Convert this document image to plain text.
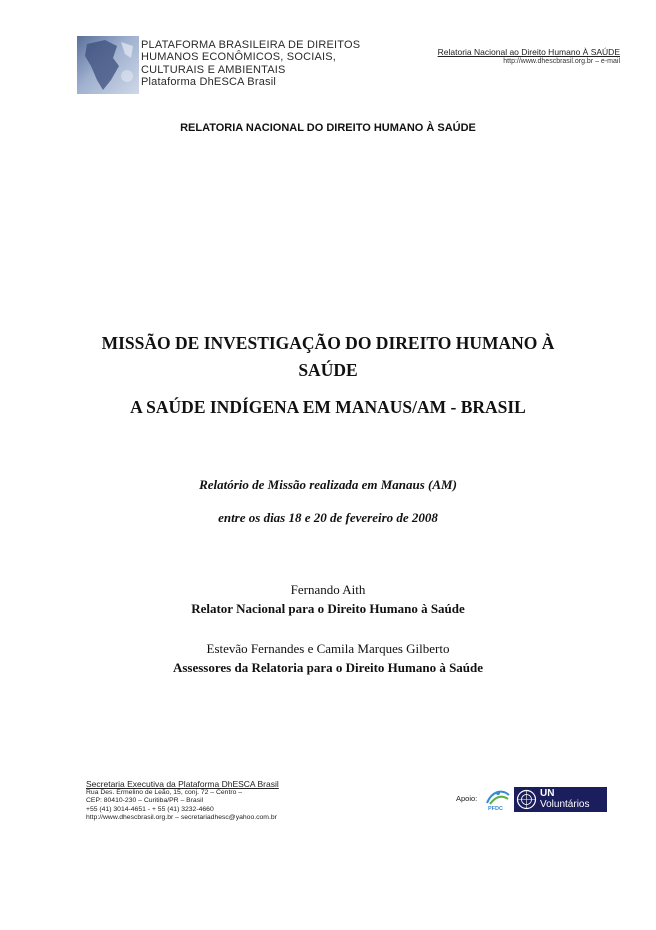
PLATAFORMA BRASILEIRA DE DIREITOS
HUMANOS ECONÔMICOS, SOCIAIS,
CULTURAIS E AMBIENTAIS
Plataforma DhESCA Brasil
Relatoria Nacional ao Direito Humano À SAÚDE
http://www.dhescbrasil.org.br – e-mail
RELATORIA NACIONAL DO DIREITO HUMANO À SAÚDE
MISSÃO DE INVESTIGAÇÃO DO DIREITO HUMANO À
SAÚDE
A SAÚDE INDÍGENA EM MANAUS/AM - BRASIL
Relatório de Missão realizada em Manaus (AM)
entre os dias 18 e 20 de fevereiro de 2008
Fernando Aith
Relator Nacional para o Direito Humano à Saúde
Estevão Fernandes e Camila Marques Gilberto
Assessores da Relatoria para o Direito Humano à Saúde
Secretaria Executiva da Plataforma DhESCA Brasil
Rua Des. Ermelino de Leão, 15, conj. 72 – Centro –
CEP: 80410-230 – Curitiba/PR – Brasil
+55 (41) 3014-4651 - + 55 (41) 3232-4660
http://www.dhescbrasil.org.br – secretariadhesc@yahoo.com.br
Apoio:
PFDC
UN
Voluntários
